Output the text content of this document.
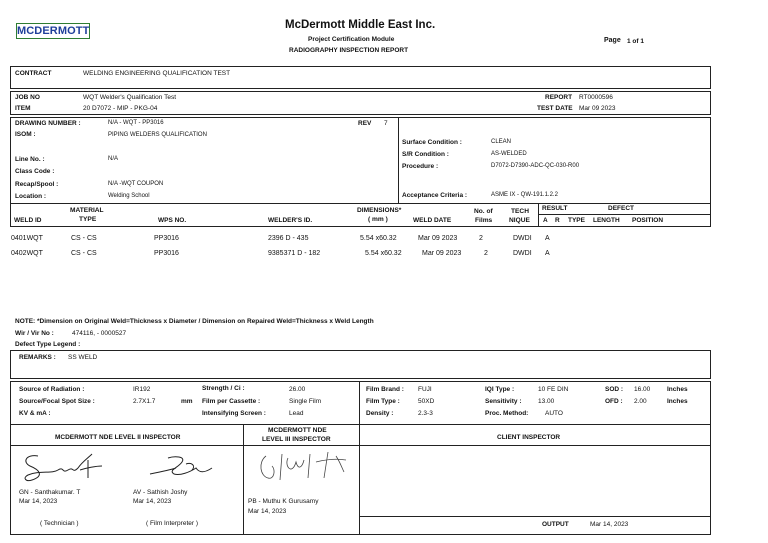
MCDERMOTT	McDermott Middle East Inc.
Project Certification Module
RADIOGRAPHY INSPECTION REPORT
Page 1 of 1
CONTRACT	WELDING ENGINEERING QUALIFICATION TEST
JOB NO	WQT Welder's Qualification Test
ITEM	20 D7072 - MIP - PKG-04
REPORT RT0000596
TEST DATE Mar 09 2023
DRAWING NUMBER :	N/A - WQT - PP3016	REV 7
ISOM :	PIPING WELDERS QUALIFICATION
Line No. :	N/A
Class Code :
Recap/Spool :	N/A -WQT COUPON
Location :	Welding School
Surface Condition :	CLEAN
S/R Condition :	AS-WELDED
Procedure :	D7072-D7390-ADC-QC-030-R00
Acceptance Criteria :	ASME IX - QW-191.1.2.2
WELD ID
MATERIAL
TYPE	WPS NO.	WELDER'S ID.
DIMENSIONS*
( mm )	WELD DATE
No. of
Films
TECH
NIQUE
RESULT	DEFECT
A R TYPE LENGTH POSITION
0401WQT	CS - CS	PP3016	2396 D - 435	5.54 x60.32	Mar 09 2023	2	DWDI A
0402WQT	CS - CS	PP3016	9385371 D - 182	5.54 x60.32	Mar 09 2023	2	DWDI A
NOTE: *Dimension on Original Weld=Thickness x Diameter / Dimension on Repaired Weld=Thickness x Weld Length
Wir / Vir No :	474116, - 0000527
Defect Type Legend :
REMARKS : SS WELD
Source of Radiation :	IR192
Source/Focal Spot Size :	2.7X1.7	mm
KV & mA :
Strength / Ci :	26.00
Film per Cassette :	Single Film
Intensifying Screen :	Lead
Film Brand : FUJI
Film Type :	50XD
Density :	2.3-3
IQI Type :	10 FE DIN
Sensitivity :	13.00
Proc. Method:	AUTO
SOD : 16.00	Inches
OFD : 2.00	Inches
MCDERMOTT NDE LEVEL II INSPECTOR
MCDERMOTT NDE
LEVEL III INSPECTOR	CLIENT INSPECTOR
GN - Santhakumar. T
Mar 14, 2023
( Technician )
AV - Sathish Joshy
Mar 14, 2023
( Film Interpreter )
PB - Muthu K Gurusamy
Mar 14, 2023
OUTPUT	Mar 14, 2023
